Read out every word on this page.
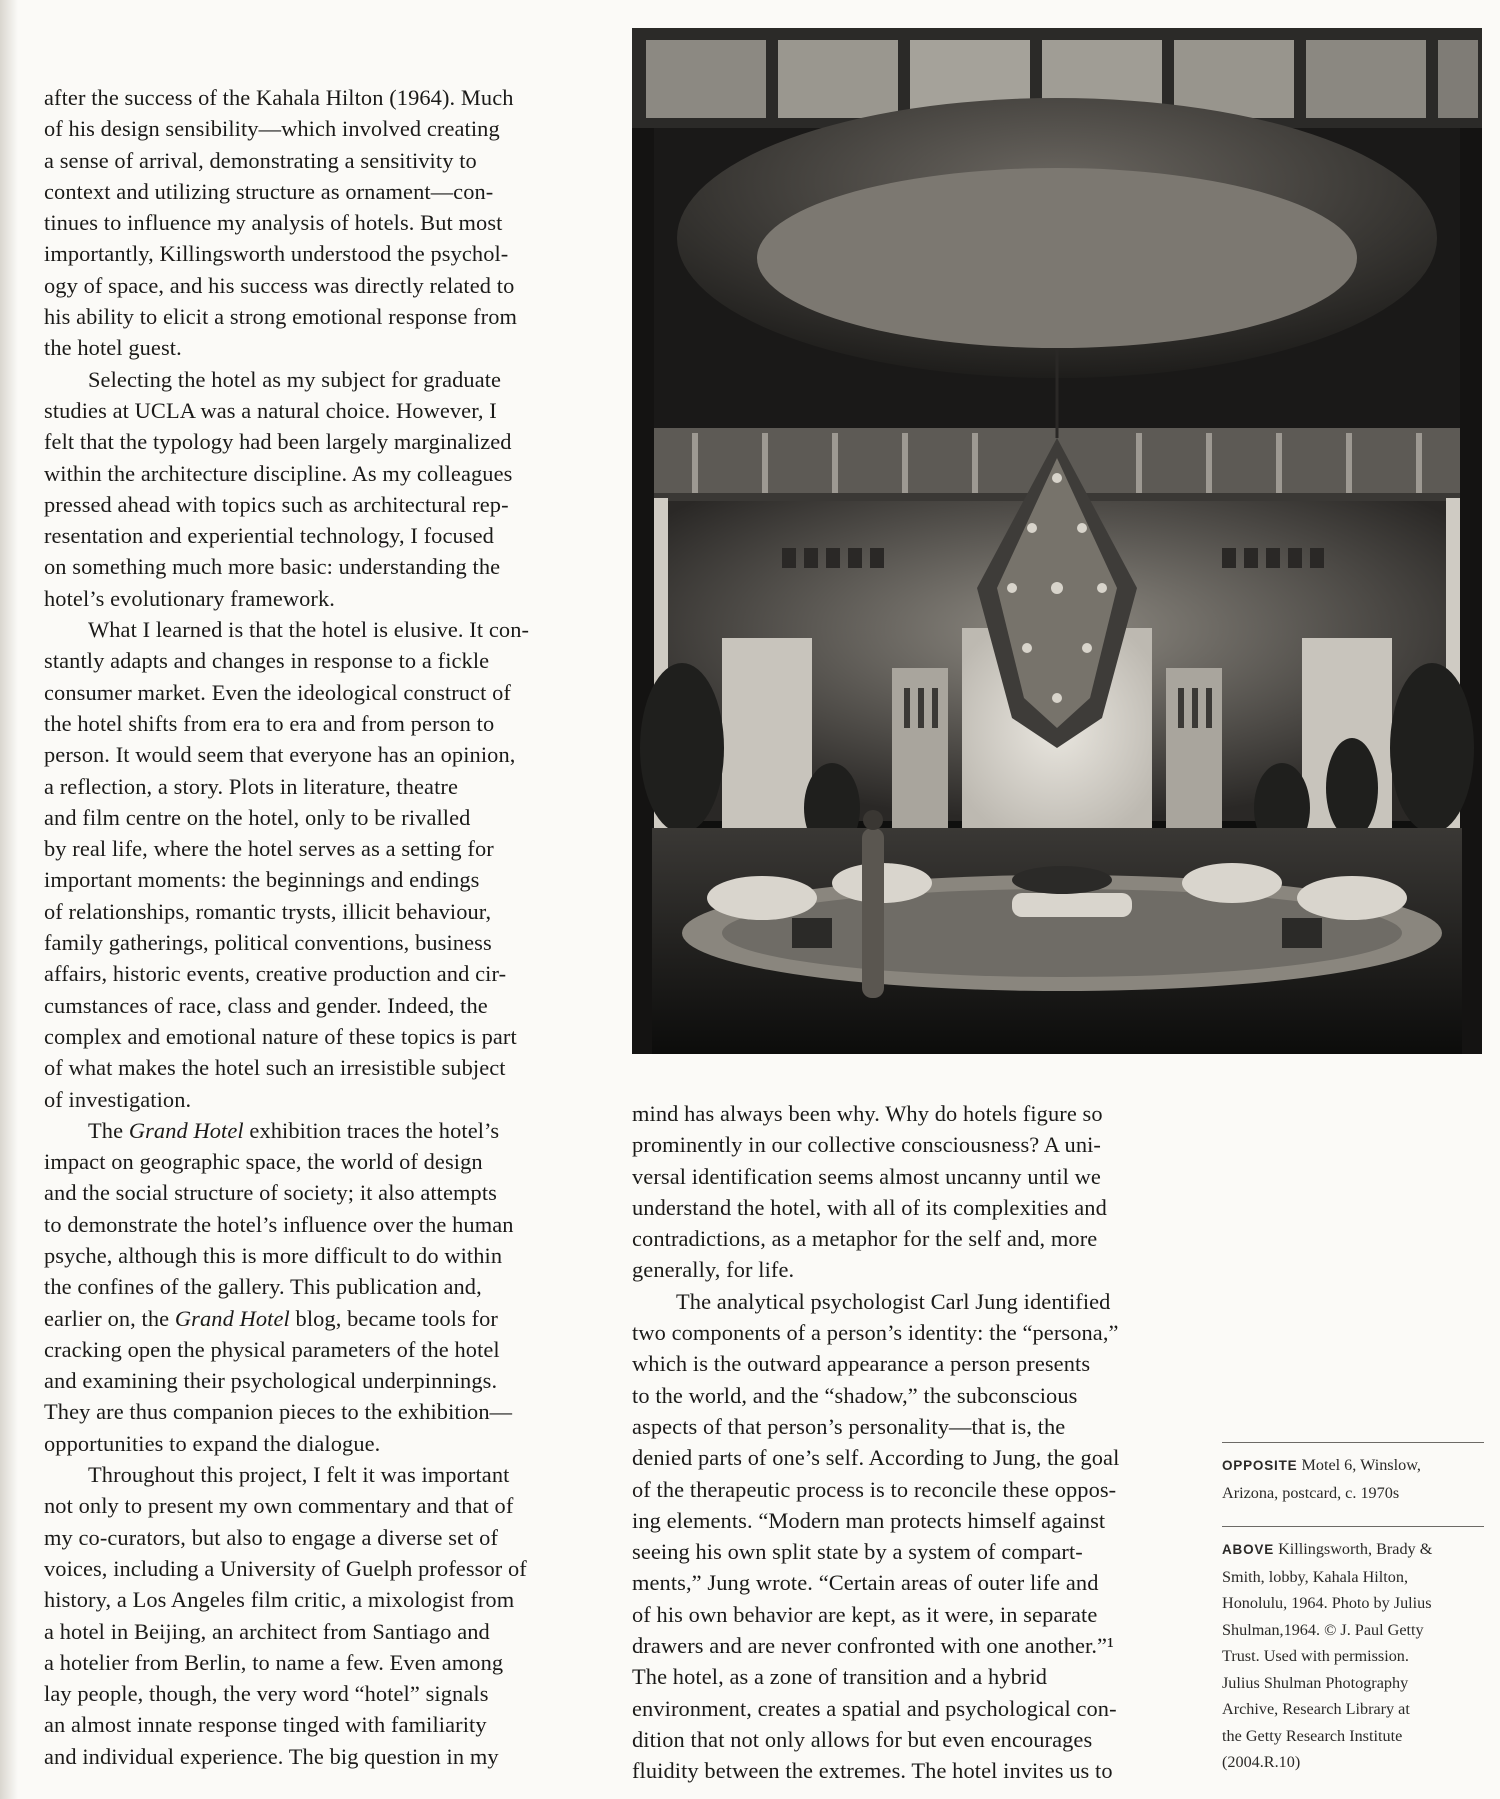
after the success of the Kahala Hilton (1964). Much
of his design sensibility—which involved creating
a sense of arrival, demonstrating a sensitivity to
context and utilizing structure as ornament—con-
tinues to influence my analysis of hotels. But most
importantly, Killingsworth understood the psychol-
ogy of space, and his success was directly related to
his ability to elicit a strong emotional response from
the hotel guest.

Selecting the hotel as my subject for graduate
studies at UCLA was a natural choice. However, I
felt that the typology had been largely marginalized
within the architecture discipline. As my colleagues
pressed ahead with topics such as architectural rep-
resentation and experiential technology, I focused
on something much more basic: understanding the
hotel’s evolutionary framework.

What I learned is that the hotel is elusive. It con-
stantly adapts and changes in response to a fickle
consumer market. Even the ideological construct of
the hotel shifts from era to era and from person to
person. It would seem that everyone has an opinion,
a reflection, a story. Plots in literature, theatre
and film centre on the hotel, only to be rivalled
by real life, where the hotel serves as a setting for
important moments: the beginnings and endings
of relationships, romantic trysts, illicit behaviour,
family gatherings, political conventions, business
affairs, historic events, creative production and cir-
cumstances of race, class and gender. Indeed, the
complex and emotional nature of these topics is part
of what makes the hotel such an irresistible subject
of investigation.

The Grand Hotel exhibition traces the hotel’s
impact on geographic space, the world of design
and the social structure of society; it also attempts
to demonstrate the hotel’s influence over the human
psyche, although this is more difficult to do within
the confines of the gallery. This publication and,
earlier on, the Grand Hotel blog, became tools for
cracking open the physical parameters of the hotel
and examining their psychological underpinnings.
They are thus companion pieces to the exhibition—
opportunities to expand the dialogue.

Throughout this project, I felt it was important
not only to present my own commentary and that of
my co-curators, but also to engage a diverse set of
voices, including a University of Guelph professor of
history, a Los Angeles film critic, a mixologist from
a hotel in Beijing, an architect from Santiago and
a hotelier from Berlin, to name a few. Even among
lay people, though, the very word “hotel” signals
an almost innate response tinged with familiarity
and individual experience. The big question in my

mind has always been why. Why do hotels figure so
prominently in our collective consciousness? A uni-
versal identification seems almost uncanny until we
understand the hotel, with all of its complexities and
contradictions, as a metaphor for the self and, more
generally, for life.

The analytical psychologist Carl Jung identified
two components of a person’s identity: the “persona,”
which is the outward appearance a person presents
to the world, and the “shadow,” the subconscious
aspects of that person’s personality—that is, the
denied parts of one’s self. According to Jung, the goal
of the therapeutic process is to reconcile these oppos-
ing elements. “Modern man protects himself against
seeing his own split state by a system of compart-
ments,” Jung wrote. “Certain areas of outer life and
of his own behavior are kept, as it were, in separate
drawers and are never confronted with one another.”¹
The hotel, as a zone of transition and a hybrid
environment, creates a spatial and psychological con-
dition that not only allows for but even encourages
fluidity between the extremes. The hotel invites us to

OPPOSITE Motel 6, Winslow,
Arizona, postcard, c. 1970s
ABOVE Killingsworth, Brady &
Smith, lobby, Kahala Hilton,
Honolulu, 1964. Photo by Julius
Shulman,1964. © J. Paul Getty
Trust. Used with permission.
Julius Shulman Photography
Archive, Research Library at
the Getty Research Institute
(2004.R.10)
